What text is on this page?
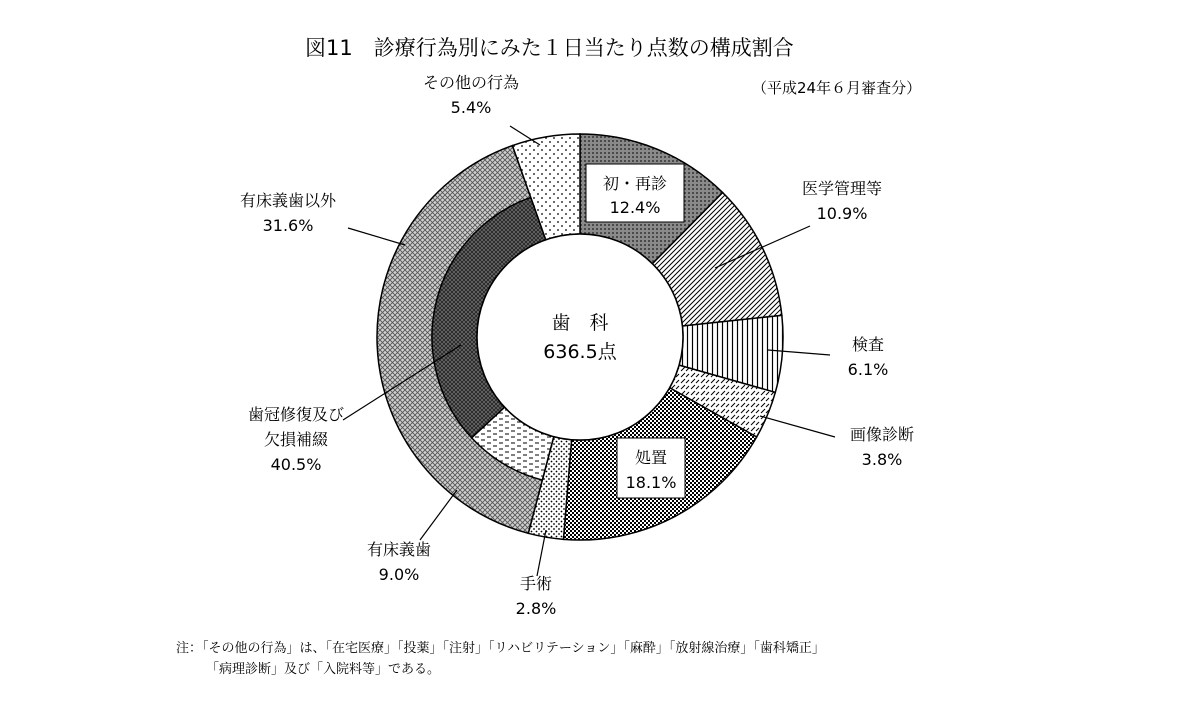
図11　診療行為別にみた１日当たり点数の構成割合
（平成24年６月審査分）
歯　科
636.5点
初・再診
12.4%
医学管理等
10.9%
検査
6.1%
画像診断
3.8%
処置
18.1%
手術
2.8%
歯冠修復及び
欠損補綴
40.5%
その他の行為
5.4%
有床義歯
9.0%
有床義歯以外
31.6%
注：「その他の行為」は、「在宅医療」「投薬」「注射」「リハビリテーション」「麻酔」「放射線治療」「歯科矯正」
「病理診断」及び「入院料等」である。
